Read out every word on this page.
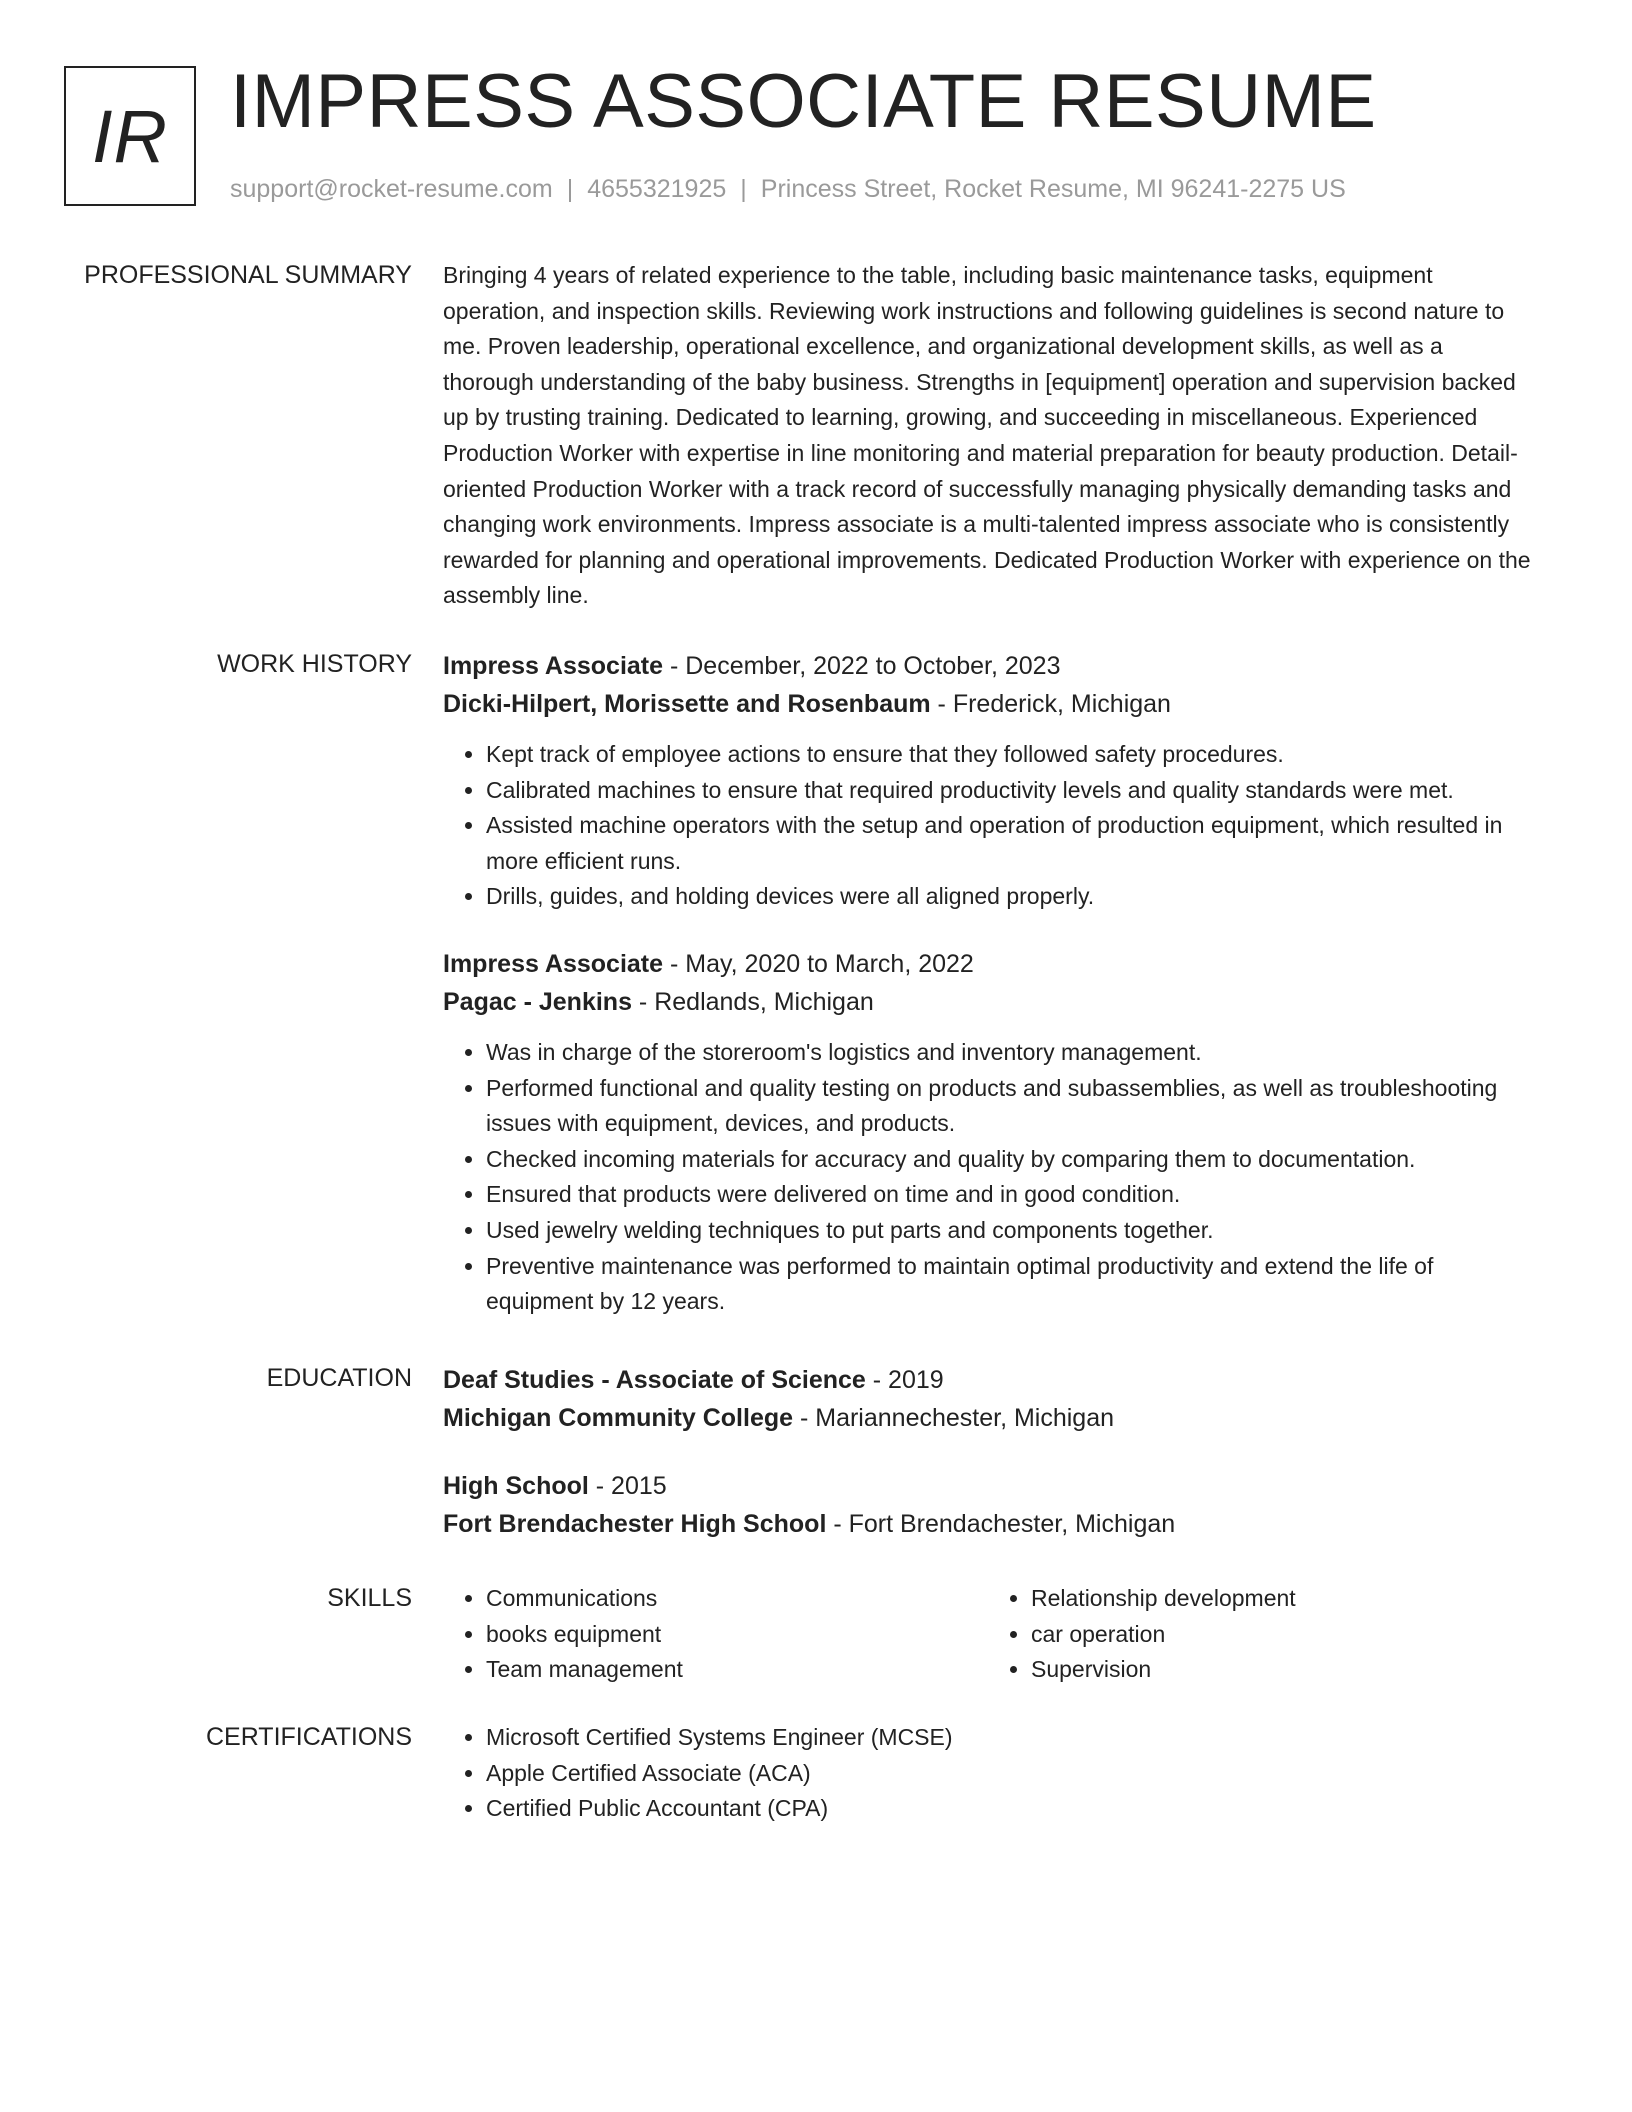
IR IMPRESS ASSOCIATE RESUME
support@rocket-resume.com | 4655321925 | Princess Street, Rocket Resume, MI 96241-2275 US
PROFESSIONAL SUMMARY Bringing 4 years of related experience to the table, including basic maintenance tasks, equipment operation, and inspection skills. Reviewing work instructions and following guidelines is second nature to me. Proven leadership, operational excellence, and organizational development skills, as well as a thorough understanding of the baby business. Strengths in [equipment] operation and supervision backed up by trusting training. Dedicated to learning, growing, and succeeding in miscellaneous. Experienced Production Worker with expertise in line monitoring and material preparation for beauty production. Detail-oriented Production Worker with a track record of successfully managing physically demanding tasks and changing work environments. Impress associate is a multi-talented impress associate who is consistently rewarded for planning and operational improvements. Dedicated Production Worker with experience on the assembly line.

WORK HISTORY Impress Associate - December, 2022 to October, 2023
Dicki-Hilpert, Morissette and Rosenbaum - Frederick, Michigan
• Kept track of employee actions to ensure that they followed safety procedures.
• Calibrated machines to ensure that required productivity levels and quality standards were met.
• Assisted machine operators with the setup and operation of production equipment, which resulted in more efficient runs.
• Drills, guides, and holding devices were all aligned properly.
Impress Associate - May, 2020 to March, 2022
Pagac - Jenkins - Redlands, Michigan
• Was in charge of the storeroom's logistics and inventory management.
• Performed functional and quality testing on products and subassemblies, as well as troubleshooting issues with equipment, devices, and products.
• Checked incoming materials for accuracy and quality by comparing them to documentation.
• Ensured that products were delivered on time and in good condition.
• Used jewelry welding techniques to put parts and components together.
• Preventive maintenance was performed to maintain optimal productivity and extend the life of equipment by 12 years.
EDUCATION Deaf Studies - Associate of Science - 2019
Michigan Community College - Mariannechester, Michigan
High School - 2015
Fort Brendachester High School - Fort Brendachester, Michigan
SKILLS	• Communications
• books equipment
• Team management
• Relationship development
• car operation
• Supervision
CERTIFICATIONS	• Microsoft Certified Systems Engineer (MCSE)
• Apple Certified Associate (ACA)
• Certified Public Accountant (CPA)
